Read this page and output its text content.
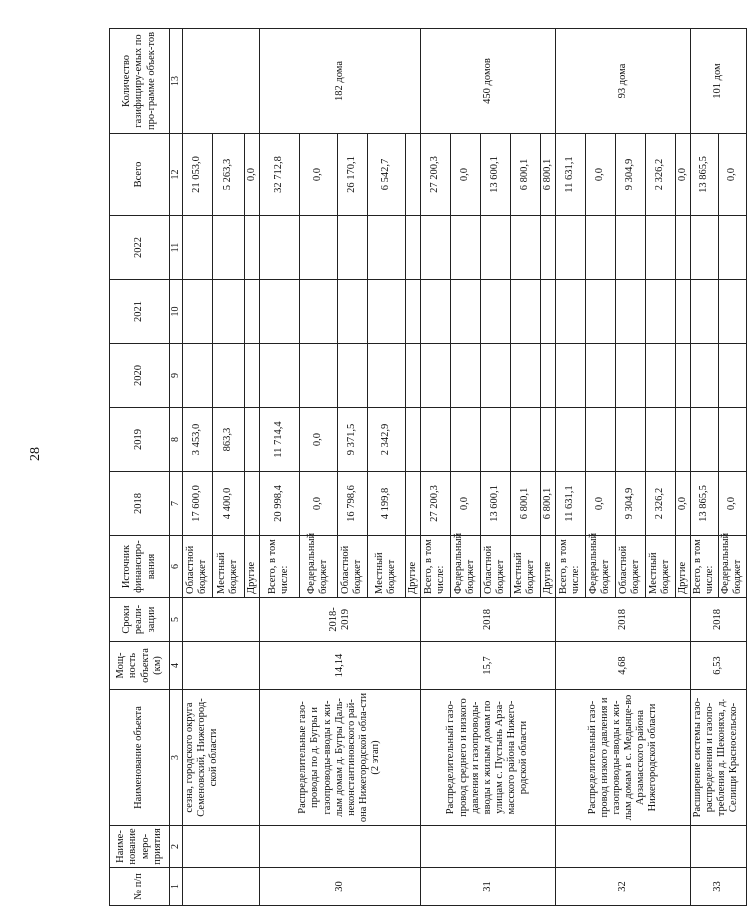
28
№ п/п	Наиме-нование меро-приятия	Наименование объекта	Мощ-ность объекта (км)	Сроки реали-зации	Источник финансиро-вания	2018	2019	2020	2021	2022	Всего	Количество газифициру-емых по про-грамме объек-тов
1	2	3	4	5	6	7	8	9	10	11	12	13
		сезна, городского округа Семеновский, Нижегород-ской области			Областной бюджет	17 600,0	3 453,0				21 053,0	
					Местный бюджет	4 400,0	863,3				5 263,3	
					Другие						0,0	
30		Распределительные газо-проводы по д. Бугры и газопроводы-вводы к жи-лым домам д. Бугры Даль-неконстантиновского рай-она Нижегородской обла-сти (2 этап)	14,14	2018-2019	Всего, в том числе:	20 998,4	11 714,4				32 712,8	182 дома
					Федеральный бюджет	0,0	0,0				0,0	
					Областной бюджет	16 798,6	9 371,5				26 170,1	
					Местный бюджет	4 199,8	2 342,9				6 542,7	
					Другие							
31		Распределительный газо-провод среднего и низкого давления и газопроводы-вводы к жилым домам по улицам с. Пустынь Арза-масского района Нижего-родской области	15,7	2018	Всего, в том числе:	27 200,3					27 200,3	450 домов
					Федеральный бюджет	0,0					0,0	
					Областной бюджет	13 600,1					13 600,1	
					Местный бюджет	6 800,1					6 800,1	
					Другие	6 800,1					6 800,1	
32		Распределительный газо-провод низкого давления и газопроводы-вводы к жи-лым домам в с. Медынце-во Арзамасского района Нижегородской области	4,68	2018	Всего, в том числе:	11 631,1					11 631,1	93 дома
					Федеральный бюджет	0,0					0,0	
					Областной бюджет	9 304,9					9 304,9	
					Местный бюджет	2 326,2					2 326,2	
					Другие	0,0					0,0	
33		Расширение системы газо-распределения и газопо-требления д. Шеконяха, д. Селищи Красносельско-	6,53	2018	Всего, в том числе:	13 865,5					13 865,5	101 дом
					Федеральный бюджет	0,0					0,0	
